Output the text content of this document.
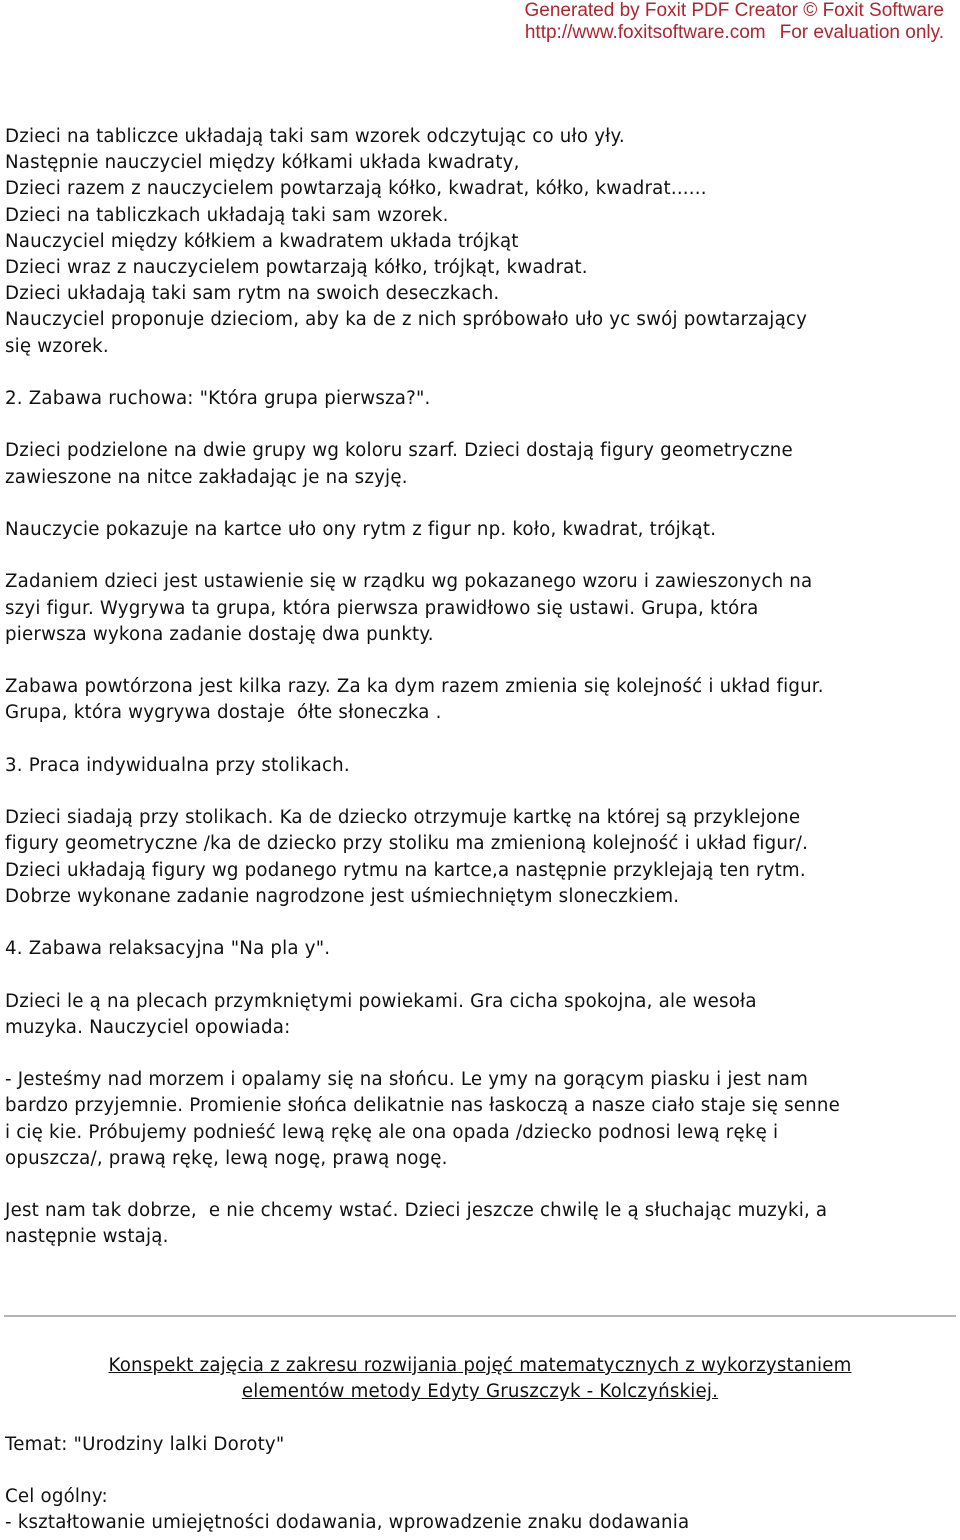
Generated by Foxit PDF Creator © Foxit Software
http://www.foxitsoftware.com For evaluation only.

Dzieci na tabliczce układają taki sam wzorek odczytując co uło yły.

Następnie nauczyciel między kółkami układa kwadraty,

Dzieci razem z nauczycielem powtarzają kółko, kwadrat, kółko, kwadrat......

Dzieci na tabliczkach układają taki sam wzorek.

Nauczyciel między kółkiem a kwadratem układa trójkąt

Dzieci wraz z nauczycielem powtarzają kółko, trójkąt, kwadrat.

Dzieci układają taki sam rytm na swoich deseczkach.

Nauczyciel proponuje dzieciom, aby ka de z nich spróbowało uło yc swój powtarzający

się wzorek.

2. Zabawa ruchowa: "Która grupa pierwsza?".

Dzieci podzielone na dwie grupy wg koloru szarf. Dzieci dostają figury geometryczne

zawieszone na nitce zakładając je na szyję.

Nauczycie pokazuje na kartce uło ony rytm z figur np. koło, kwadrat, trójkąt.

Zadaniem dzieci jest ustawienie się w rządku wg pokazanego wzoru i zawieszonych na

szyi figur. Wygrywa ta grupa, która pierwsza prawidłowo się ustawi. Grupa, która

pierwsza wykona zadanie dostaję dwa punkty.

Zabawa powtórzona jest kilka razy. Za ka dym razem zmienia się kolejność i układ figur.

Grupa, która wygrywa dostaje  ółte słoneczka .

3. Praca indywidualna przy stolikach.

Dzieci siadają przy stolikach. Ka de dziecko otrzymuje kartkę na której są przyklejone

figury geometryczne /ka de dziecko przy stoliku ma zmienioną kolejność i układ figur/.

Dzieci układają figury wg podanego rytmu na kartce,a następnie przyklejają ten rytm.

Dobrze wykonane zadanie nagrodzone jest uśmiechniętym sloneczkiem.

4. Zabawa relaksacyjna "Na pla y".

Dzieci le ą na plecach przymkniętymi powiekami. Gra cicha spokojna, ale wesoła

muzyka. Nauczyciel opowiada:

- Jesteśmy nad morzem i opalamy się na słońcu. Le ymy na gorącym piasku i jest nam

bardzo przyjemnie. Promienie słońca delikatnie nas łaskoczą a nasze ciało staje się senne

i cię kie. Próbujemy podnieść lewą rękę ale ona opada /dziecko podnosi lewą rękę i

opuszcza/, prawą rękę, lewą nogę, prawą nogę.

Jest nam tak dobrze,  e nie chcemy wstać. Dzieci jeszcze chwilę le ą słuchając muzyki, a

następnie wstają.

Konspekt zajęcia z zakresu rozwijania pojęć matematycznych z wykorzystaniem

elementów metody Edyty Gruszczyk - Kolczyńskiej.

Temat: "Urodziny lalki Doroty"

Cel ogólny:

- kształtowanie umiejętności dodawania, wprowadzenie znaku dodawania
